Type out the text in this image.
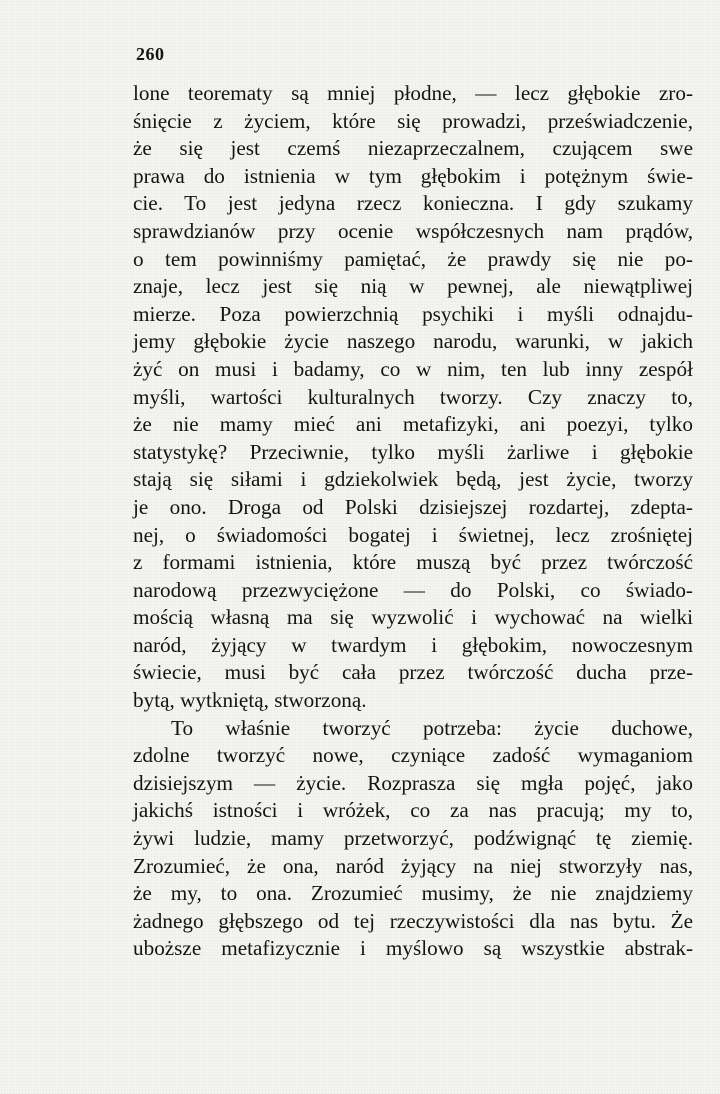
260
lone teorematy są mniej płodne, — lecz głębokie zro-
śnięcie z życiem, które się prowadzi, przeświadczenie,
że się jest czemś niezaprzeczalnem, czującem swe
prawa do istnienia w tym głębokim i potężnym świe-
cie. To jest jedyna rzecz konieczna. I gdy szukamy
sprawdzianów przy ocenie współczesnych nam prądów,
o tem powinniśmy pamiętać, że prawdy się nie po-
znaje, lecz jest się nią w pewnej, ale niewątpliwej
mierze. Poza powierzchnią psychiki i myśli odnajdu-
jemy głębokie życie naszego narodu, warunki, w jakich
żyć on musi i badamy, co w nim, ten lub inny zespół
myśli, wartości kulturalnych tworzy. Czy znaczy to,
że nie mamy mieć ani metafizyki, ani poezyi, tylko
statystykę? Przeciwnie, tylko myśli żarliwe i głębokie
stają się siłami i gdziekolwiek będą, jest życie, tworzy
je ono. Droga od Polski dzisiejszej rozdartej, zdepta-
nej, o świadomości bogatej i świetnej, lecz zrośniętej
z formami istnienia, które muszą być przez twórczość
narodową przezwyciężone — do Polski, co świado-
mością własną ma się wyzwolić i wychować na wielki
naród, żyjący w twardym i głębokim, nowoczesnym
świecie, musi być cała przez twórczość ducha prze-
bytą, wytkniętą, stworzoną.
To właśnie tworzyć potrzeba: życie duchowe,
zdolne tworzyć nowe, czyniące zadość wymaganiom
dzisiejszym — życie. Rozprasza się mgła pojęć, jako
jakichś istności i wróżek, co za nas pracują; my to,
żywi ludzie, mamy przetworzyć, podźwignąć tę ziemię.
Zrozumieć, że ona, naród żyjący na niej stworzyły nas,
że my, to ona. Zrozumieć musimy, że nie znajdziemy
żadnego głębszego od tej rzeczywistości dla nas bytu. Że
uboższe metafizycznie i myślowo są wszystkie abstrak-
